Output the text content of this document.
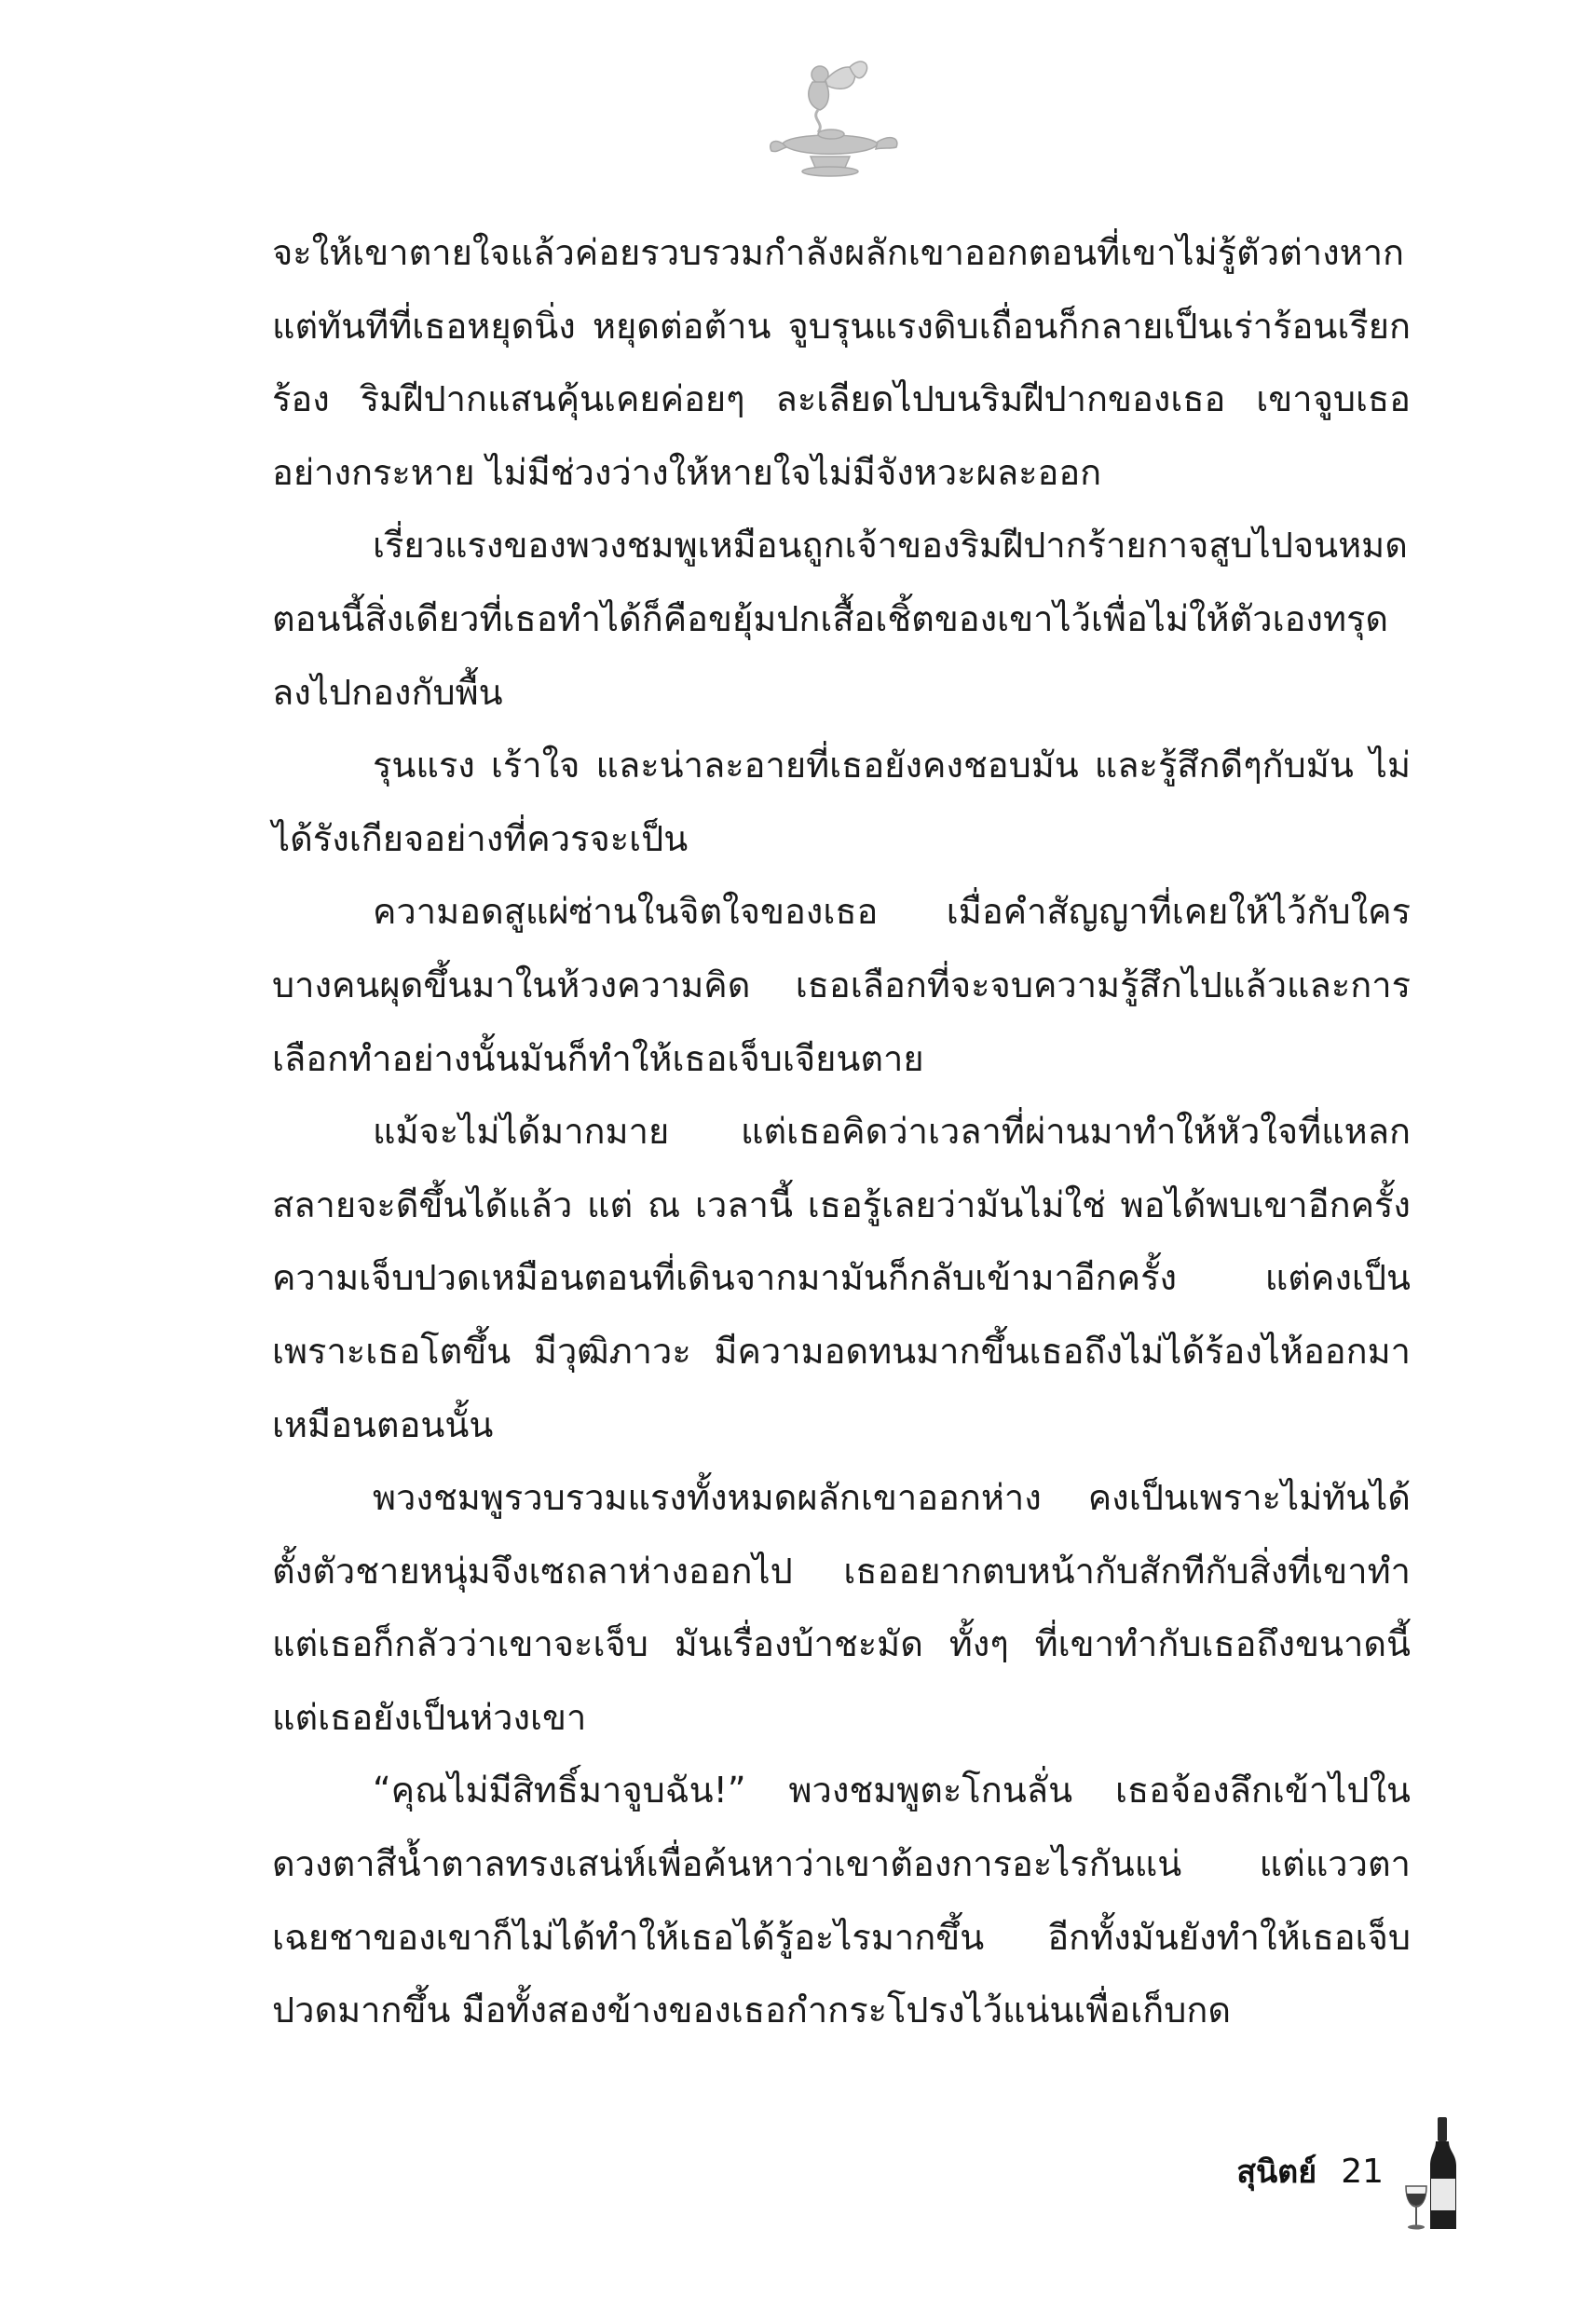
จะให้เขาตายใจแล้วค่อยรวบรวมกำลังผลักเขาออกตอนที่เขาไม่รู้ตัวต่างหาก แต่ทันทีที่เธอหยุดนิ่ง หยุดต่อต้าน จูบรุนแรงดิบเถื่อนก็กลายเป็นเร่าร้อนเรียกร้อง ริมฝีปากแสนคุ้นเคยค่อยๆ ละเลียดไปบนริมฝีปากของเธอ เขาจูบเธออย่างกระหาย ไม่มีช่วงว่างให้หายใจไม่มีจังหวะผละออก

เรี่ยวแรงของพวงชมพูเหมือนถูกเจ้าของริมฝีปากร้ายกาจสูบไปจนหมด ตอนนี้สิ่งเดียวที่เธอทำได้ก็คือขยุ้มปกเสื้อเชิ้ตของเขาไว้เพื่อไม่ให้ตัวเองทรุดลงไปกองกับพื้น

รุนแรง เร้าใจ และน่าละอายที่เธอยังคงชอบมัน และรู้สึกดีๆกับมัน ไม่ได้รังเกียจอย่างที่ควรจะเป็น

ความอดสูแผ่ซ่านในจิตใจของเธอ เมื่อคำสัญญาที่เคยให้ไว้กับใครบางคนผุดขึ้นมาในห้วงความคิด เธอเลือกที่จะจบความรู้สึกไปแล้วและการเลือกทำอย่างนั้นมันก็ทำให้เธอเจ็บเจียนตาย

แม้จะไม่ได้มากมาย แต่เธอคิดว่าเวลาที่ผ่านมาทำให้หัวใจที่แหลกสลายจะดีขึ้นได้แล้ว แต่ ณ เวลานี้ เธอรู้เลยว่ามันไม่ใช่ พอได้พบเขาอีกครั้ง ความเจ็บปวดเหมือนตอนที่เดินจากมามันก็กลับเข้ามาอีกครั้ง แต่คงเป็นเพราะเธอโตขึ้น มีวุฒิภาวะ มีความอดทนมากขึ้นเธอถึงไม่ได้ร้องไห้ออกมาเหมือนตอนนั้น

พวงชมพูรวบรวมแรงทั้งหมดผลักเขาออกห่าง คงเป็นเพราะไม่ทันได้ตั้งตัวชายหนุ่มจึงเซถลาห่างออกไป เธออยากตบหน้ากับสักทีกับสิ่งที่เขาทำ แต่เธอก็กลัวว่าเขาจะเจ็บ มันเรื่องบ้าชะมัด ทั้งๆ ที่เขาทำกับเธอถึงขนาดนี้ แต่เธอยังเป็นห่วงเขา

“คุณไม่มีสิทธิ์มาจูบฉัน!” พวงชมพูตะโกนลั่น เธอจ้องลึกเข้าไปในดวงตาสีน้ำตาลทรงเสน่ห์เพื่อค้นหาว่าเขาต้องการอะไรกันแน่ แต่แววตาเฉยชาของเขาก็ไม่ได้ทำให้เธอได้รู้อะไรมากขึ้น อีกทั้งมันยังทำให้เธอเจ็บปวดมากขึ้น มือทั้งสองข้างของเธอกำกระโปรงไว้แน่นเพื่อเก็บกด

สุนิตย์ 21
